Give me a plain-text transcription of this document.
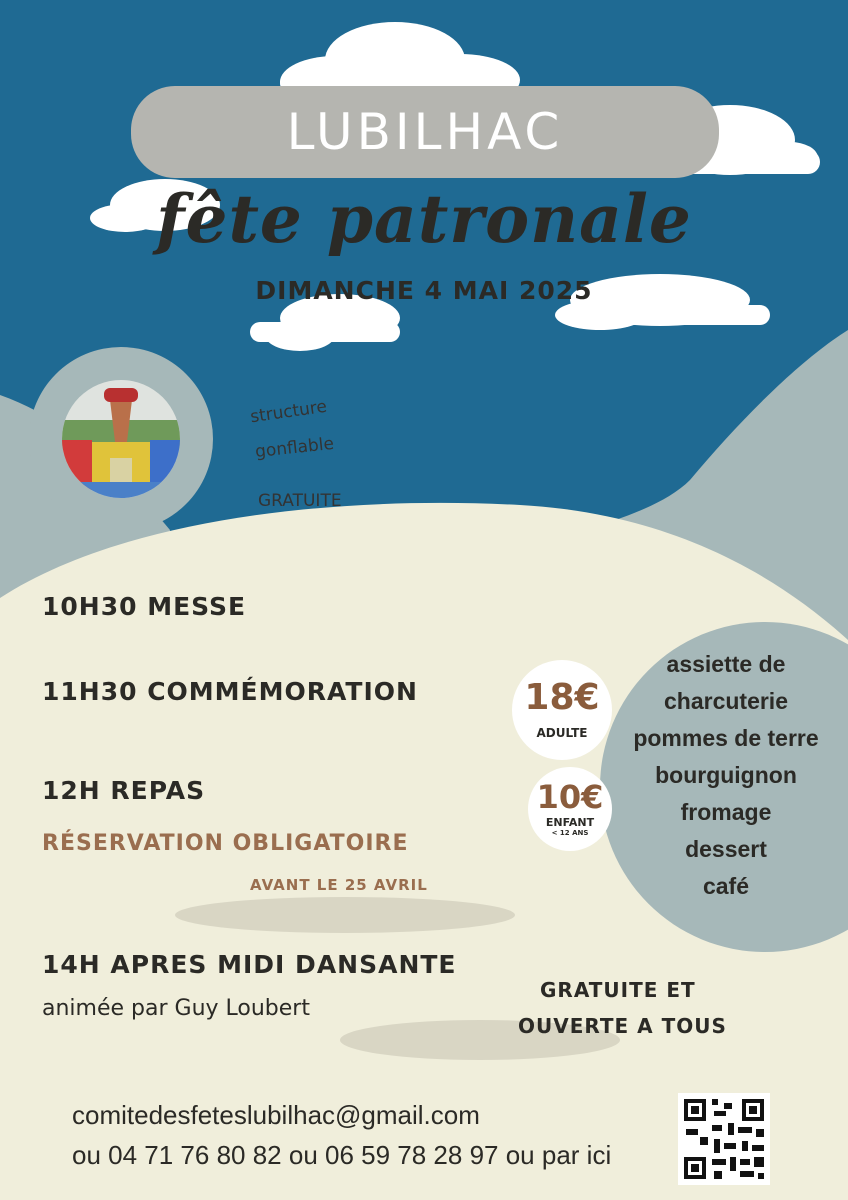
LUBILHAC
fête patronale
DIMANCHE 4 MAI 2025
structure
gonflable
GRATUITE
10H30 MESSE
11H30 COMMÉMORATION
12H REPAS
RÉSERVATION OBLIGATOIRE
AVANT LE 25 AVRIL
14H APRES MIDI DANSANTE
animée par Guy Loubert
GRATUITE ET
OUVERTE A TOUS
assiette de
charcuterie
pommes de terre
bourguignon
fromage
dessert
café
18€
ADULTE
10€
ENFANT
< 12 ANS
comitedesfeteslubilhac@gmail.com
ou 04 71 76 80 82 ou 06 59 78 28 97 ou par ici
